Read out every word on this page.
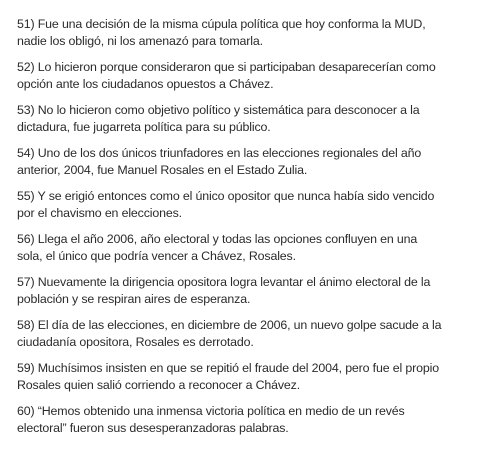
51) Fue una decisión de la misma cúpula política que hoy conforma la MUD,
nadie los obligó, ni los amenazó para tomarla.

52) Lo hicieron porque consideraron que si participaban desaparecerían como
opción ante los ciudadanos opuestos a Chávez.

53) No lo hicieron como objetivo político y sistemática para desconocer a la
dictadura, fue jugarreta política para su público.

54) Uno de los dos únicos triunfadores en las elecciones regionales del año
anterior, 2004, fue Manuel Rosales en el Estado Zulia.

55) Y se erigió entonces como el único opositor que nunca había sido vencido
por el chavismo en elecciones.

56) Llega el año 2006, año electoral y todas las opciones confluyen en una
sola, el único que podría vencer a Chávez, Rosales.

57) Nuevamente la dirigencia opositora logra levantar el ánimo electoral de la
población y se respiran aires de esperanza.

58) El día de las elecciones, en diciembre de 2006, un nuevo golpe sacude a la
ciudadanía opositora, Rosales es derrotado.

59) Muchísimos insisten en que se repitió el fraude del 2004, pero fue el propio
Rosales quien salió corriendo a reconocer a Chávez.

60) “Hemos obtenido una inmensa victoria política en medio de un revés
electoral” fueron sus desesperanzadoras palabras.
